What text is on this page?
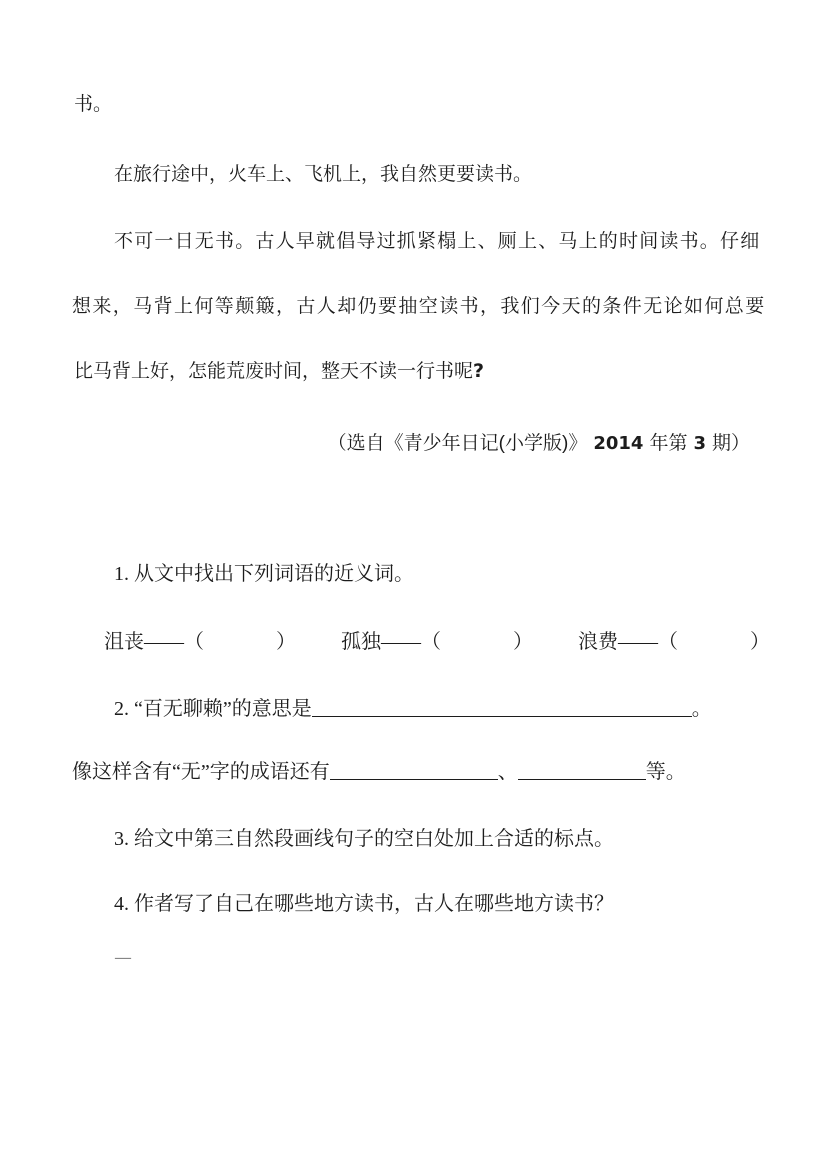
书。
在旅行途中，火车上、飞机上，我自然更要读书。
不可一日无书。古人早就倡导过抓紧榻上、厕上、马上的时间读书。仔细
想来，马背上何等颠簸，古人却仍要抽空读书，我们今天的条件无论如何总要
比马背上好，怎能荒废时间，整天不读一行书呢?
（选自《青少年日记(小学版)》 2014 年第 3 期）
1. 从文中找出下列词语的近义词。
沮丧——（	） 孤独——（	） 浪费——（	）
2. “百无聊赖”的意思是	。
像这样含有“无”字的成语还有	、	等。
3. 给文中第三自然段画线句子的空白处加上合适的标点。
4. 作者写了自己在哪些地方读书，古人在哪些地方读书？
—
